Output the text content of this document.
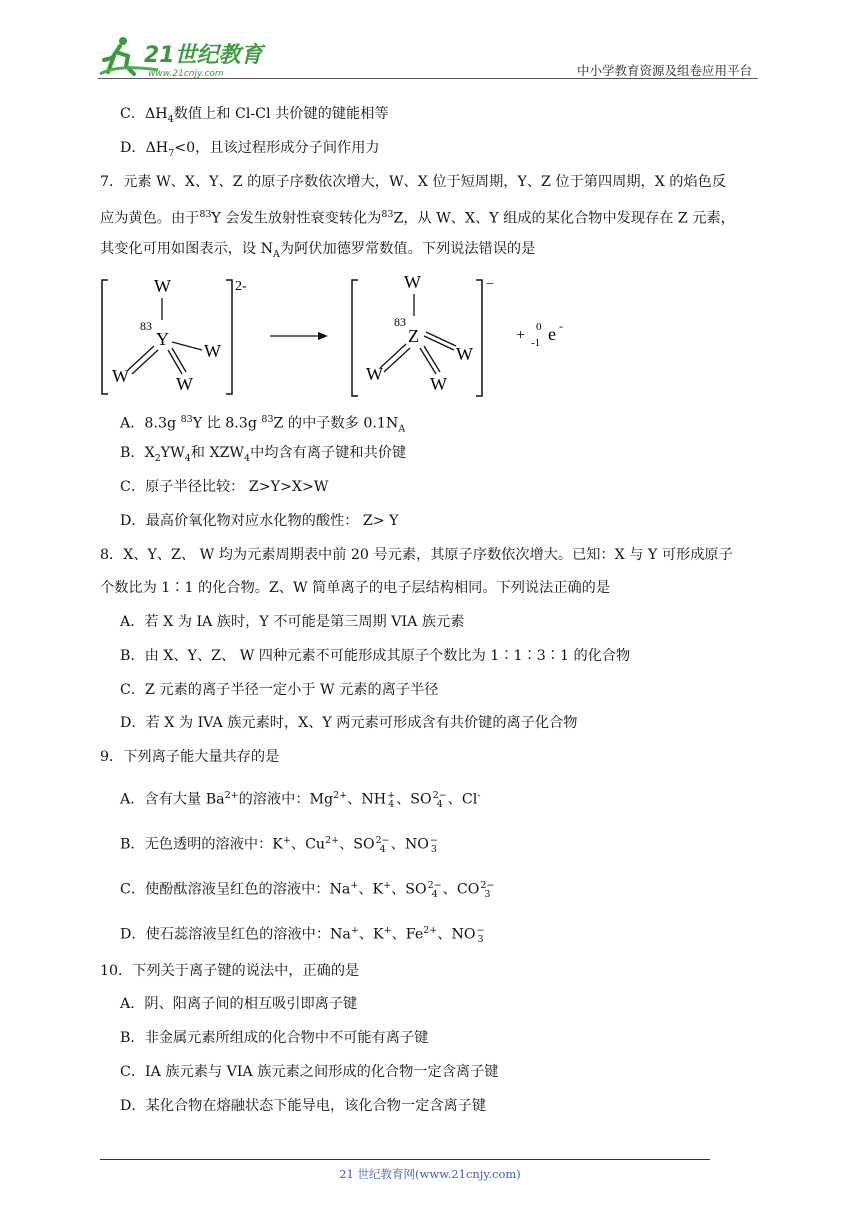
21世纪教育
www.21cnjy.com	中小学教育资源及组卷应用平台
C．$\Delta H_4$数值上和 Cl-Cl 共价键的键能相等
D．$\Delta H_7<0$，且该过程形成分子间作用力
7．元素 W、X、Y、Z 的原子序数依次增大，W、X 位于短周期，Y、Z 位于第四周期，X 的焰色反
应为黄色。由于$^{83}$Y 会发生放射性衰变转化为$^{83}$Z，从 W、X、Y 组成的某化合物中发现存在 Z 元素，
其变化可用如图表示，设 $N_A$为阿伏加德罗常数值。下列说法错误的是
W
83
Y
W
W	W
2-	W
83
Z
W
W	W
−
+ 0
-1 e -
A．8.3g $^{83}$Y 比 8.3g $^{83}$Z 的中子数多 $0.1N_A$
B．$X_2YW_4$和 $XZW_4$中均含有离子键和共价键
C．原子半径比较： Z>Y>X>W
D．最高价氧化物对应水化物的酸性： Z> Y
8．X、Y、Z、 W 均为元素周期表中前 20 号元素，其原子序数依次增大。已知：X 与 Y 可形成原子
个数比为 1∶1 的化合物。Z、W 简单离子的电子层结构相同。下列说法正确的是
A．若 X 为 IA 族时，Y 不可能是第三周期 VIA 族元素
B．由 X、Y、Z、 W 四种元素不可能形成其原子个数比为 1∶1∶3∶1 的化合物
C．Z 元素的离子半径一定小于 W 元素的离子半径
D．若 X 为 IVA 族元素时，X、Y 两元素可形成含有共价键的离子化合物
9．下列离子能大量共存的是
A．含有大量 $Ba^{2+}$的溶液中：$Mg^{2+}$、NH +
4 、SO 2−
4 、Cl-
B．无色透明的溶液中：K+、$Cu^{2+}$、SO 2−
4 、NO −
3
C．使酚酞溶液呈红色的溶液中：Na+、K+、SO 2−
4 、CO 2−
3
D．使石蕊溶液呈红色的溶液中：Na+、K+、$Fe^{2+}$、NO −
3
10．下列关于离子键的说法中，正确的是
A．阴、阳离子间的相互吸引即离子键
B．非金属元素所组成的化合物中不可能有离子键
C．IA 族元素与 VIA 族元素之间形成的化合物一定含离子键
D．某化合物在熔融状态下能导电，该化合物一定含离子键
21 世纪教育网(www.21cnjy.com)
